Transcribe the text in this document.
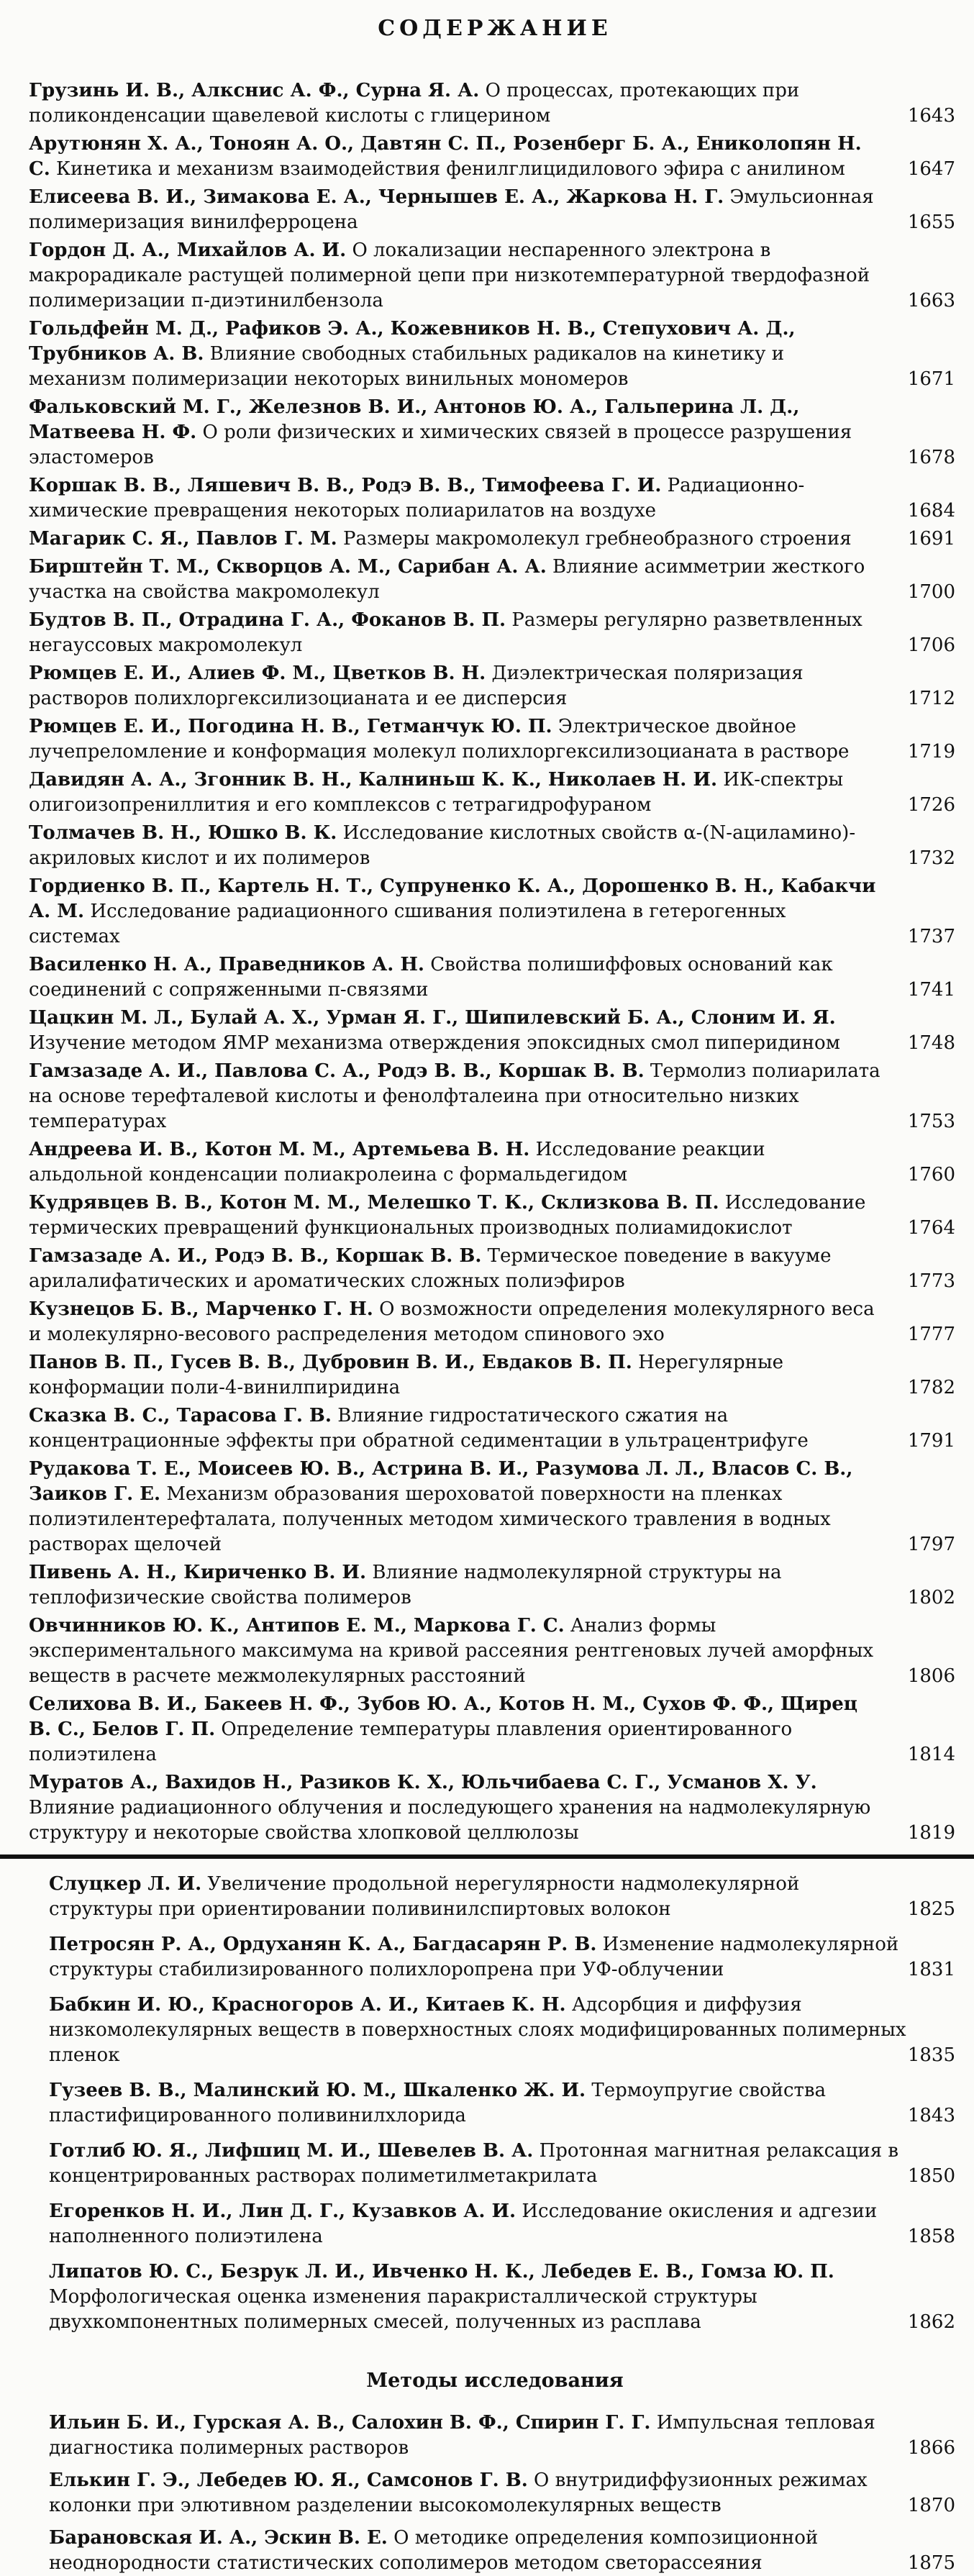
СОДЕРЖАНИЕ
Грузинь И. В., Алкснис А. Ф., Сурна Я. А. О процессах, протекающих при поликонденсации щавелевой кислоты с глицерином	1643
Арутюнян Х. А., Тоноян А. О., Давтян С. П., Розенберг Б. А., Ениколопян Н. С. Кинетика и механизм взаимодействия фенилглицидилового эфира с анилином	1647
Елисеева В. И., Зимакова Е. А., Чернышев Е. А., Жаркова Н. Г. Эмульсионная полимеризация винилферроцена	1655
Гордон Д. А., Михайлов А. И. О локализации неспаренного электрона в макрорадикале растущей полимерной цепи при низкотемпературной твердофазной полимеризации п-диэтинилбензола	1663
Гольдфейн М. Д., Рафиков Э. А., Кожевников Н. В., Степухович А. Д., Трубников А. В. Влияние свободных стабильных радикалов на кинетику и механизм полимеризации некоторых винильных мономеров	1671
Фальковский М. Г., Железнов В. И., Антонов Ю. А., Гальперина Л. Д., Матвеева Н. Ф. О роли физических и химических связей в процессе разрушения эластомеров	1678
Коршак В. В., Ляшевич В. В., Родэ В. В., Тимофеева Г. И. Радиационно-химические превращения некоторых полиарилатов на воздухе	1684
Магарик С. Я., Павлов Г. М. Размеры макромолекул гребнеобразного строения	1691
Бирштейн Т. М., Скворцов А. М., Сарибан А. А. Влияние асимметрии жесткого участка на свойства макромолекул	1700
Будтов В. П., Отрадина Г. А., Фоканов В. П. Размеры регулярно разветвленных негауссовых макромолекул	1706
Рюмцев Е. И., Алиев Ф. М., Цветков В. Н. Диэлектрическая поляризация растворов полихлоргексилизоцианата и ее дисперсия	1712
Рюмцев Е. И., Погодина Н. В., Гетманчук Ю. П. Электрическое двойное лучепреломление и конформация молекул полихлоргексилизоцианата в растворе	1719
Давидян А. А., Згонник В. Н., Калниньш К. К., Николаев Н. И. ИК-спектры олигоизопрениллития и его комплексов с тетрагидрофураном	1726
Толмачев В. Н., Юшко В. К. Исследование кислотных свойств α-(N-ациламино)-акриловых кислот и их полимеров	1732
Гордиенко В. П., Картель Н. Т., Супруненко К. А., Дорошенко В. Н., Кабакчи А. М. Исследование радиационного сшивания полиэтилена в гетерогенных системах	1737
Василенко Н. А., Праведников А. Н. Свойства полишиффовых оснований как соединений с сопряженными π-связями	1741
Цацкин М. Л., Булай А. Х., Урман Я. Г., Шипилевский Б. А., Слоним И. Я. Изучение методом ЯМР механизма отверждения эпоксидных смол пиперидином	1748
Гамзазаде А. И., Павлова С. А., Родэ В. В., Коршак В. В. Термолиз полиарилата на основе терефталевой кислоты и фенолфталеина при относительно низких температурах	1753
Андреева И. В., Котон М. М., Артемьева В. Н. Исследование реакции альдольной конденсации полиакролеина с формальдегидом	1760
Кудрявцев В. В., Котон М. М., Мелешко Т. К., Склизкова В. П. Исследование термических превращений функциональных производных полиамидокислот	1764
Гамзазаде А. И., Родэ В. В., Коршак В. В. Термическое поведение в вакууме арилалифатических и ароматических сложных полиэфиров	1773
Кузнецов Б. В., Марченко Г. Н. О возможности определения молекулярного веса и молекулярно-весового распределения методом спинового эхо	1777
Панов В. П., Гусев В. В., Дубровин В. И., Евдаков В. П. Нерегулярные конформации поли-4-винилпиридина	1782
Сказка В. С., Тарасова Г. В. Влияние гидростатического сжатия на концентрационные эффекты при обратной седиментации в ультрацентрифуге	1791
Рудакова Т. Е., Моисеев Ю. В., Астрина В. И., Разумова Л. Л., Власов С. В., Заиков Г. Е. Механизм образования шероховатой поверхности на пленках полиэтилентерефталата, полученных методом химического травления в водных растворах щелочей	1797
Пивень А. Н., Кириченко В. И. Влияние надмолекулярной структуры на теплофизические свойства полимеров	1802
Овчинников Ю. К., Антипов Е. М., Маркова Г. С. Анализ формы экспериментального максимума на кривой рассеяния рентгеновых лучей аморфных веществ в расчете межмолекулярных расстояний	1806
Селихова В. И., Бакеев Н. Ф., Зубов Ю. А., Котов Н. М., Сухов Ф. Ф., Щирец В. С., Белов Г. П. Определение температуры плавления ориентированного полиэтилена	1814
Муратов А., Вахидов Н., Разиков К. Х., Юльчибаева С. Г., Усманов Х. У. Влияние радиационного облучения и последующего хранения на надмолекулярную структуру и некоторые свойства хлопковой целлюлозы	1819
Слуцкер Л. И. Увеличение продольной нерегулярности надмолекулярной структуры при ориентировании поливинилспиртовых волокон	1825
Петросян Р. А., Ордуханян К. А., Багдасарян Р. В. Изменение надмолекулярной структуры стабилизированного полихлоропрена при УФ-облучении	1831
Бабкин И. Ю., Красногоров А. И., Китаев К. Н. Адсорбция и диффузия низкомолекулярных веществ в поверхностных слоях модифицированных полимерных пленок	1835
Гузеев В. В., Малинский Ю. М., Шкаленко Ж. И. Термоупругие свойства пластифицированного поливинилхлорида	1843
Готлиб Ю. Я., Лифшиц М. И., Шевелев В. А. Протонная магнитная релаксация в концентрированных растворах полиметилметакрилата	1850
Егоренков Н. И., Лин Д. Г., Кузавков А. И. Исследование окисления и адгезии наполненного полиэтилена	1858
Липатов Ю. С., Безрук Л. И., Ивченко Н. К., Лебедев Е. В., Гомза Ю. П. Морфологическая оценка изменения паракристаллической структуры двухкомпонентных полимерных смесей, полученных из расплава	1862
Методы исследования
Ильин Б. И., Гурская А. В., Салохин В. Ф., Спирин Г. Г. Импульсная тепловая диагностика полимерных растворов	1866
Елькин Г. Э., Лебедев Ю. Я., Самсонов Г. В. О внутридиффузионных режимах колонки при элютивном разделении высокомолекулярных веществ	1870
Барановская И. А., Эскин В. Е. О методике определения композиционной неоднородности статистических сополимеров методом светорассеяния	1875
